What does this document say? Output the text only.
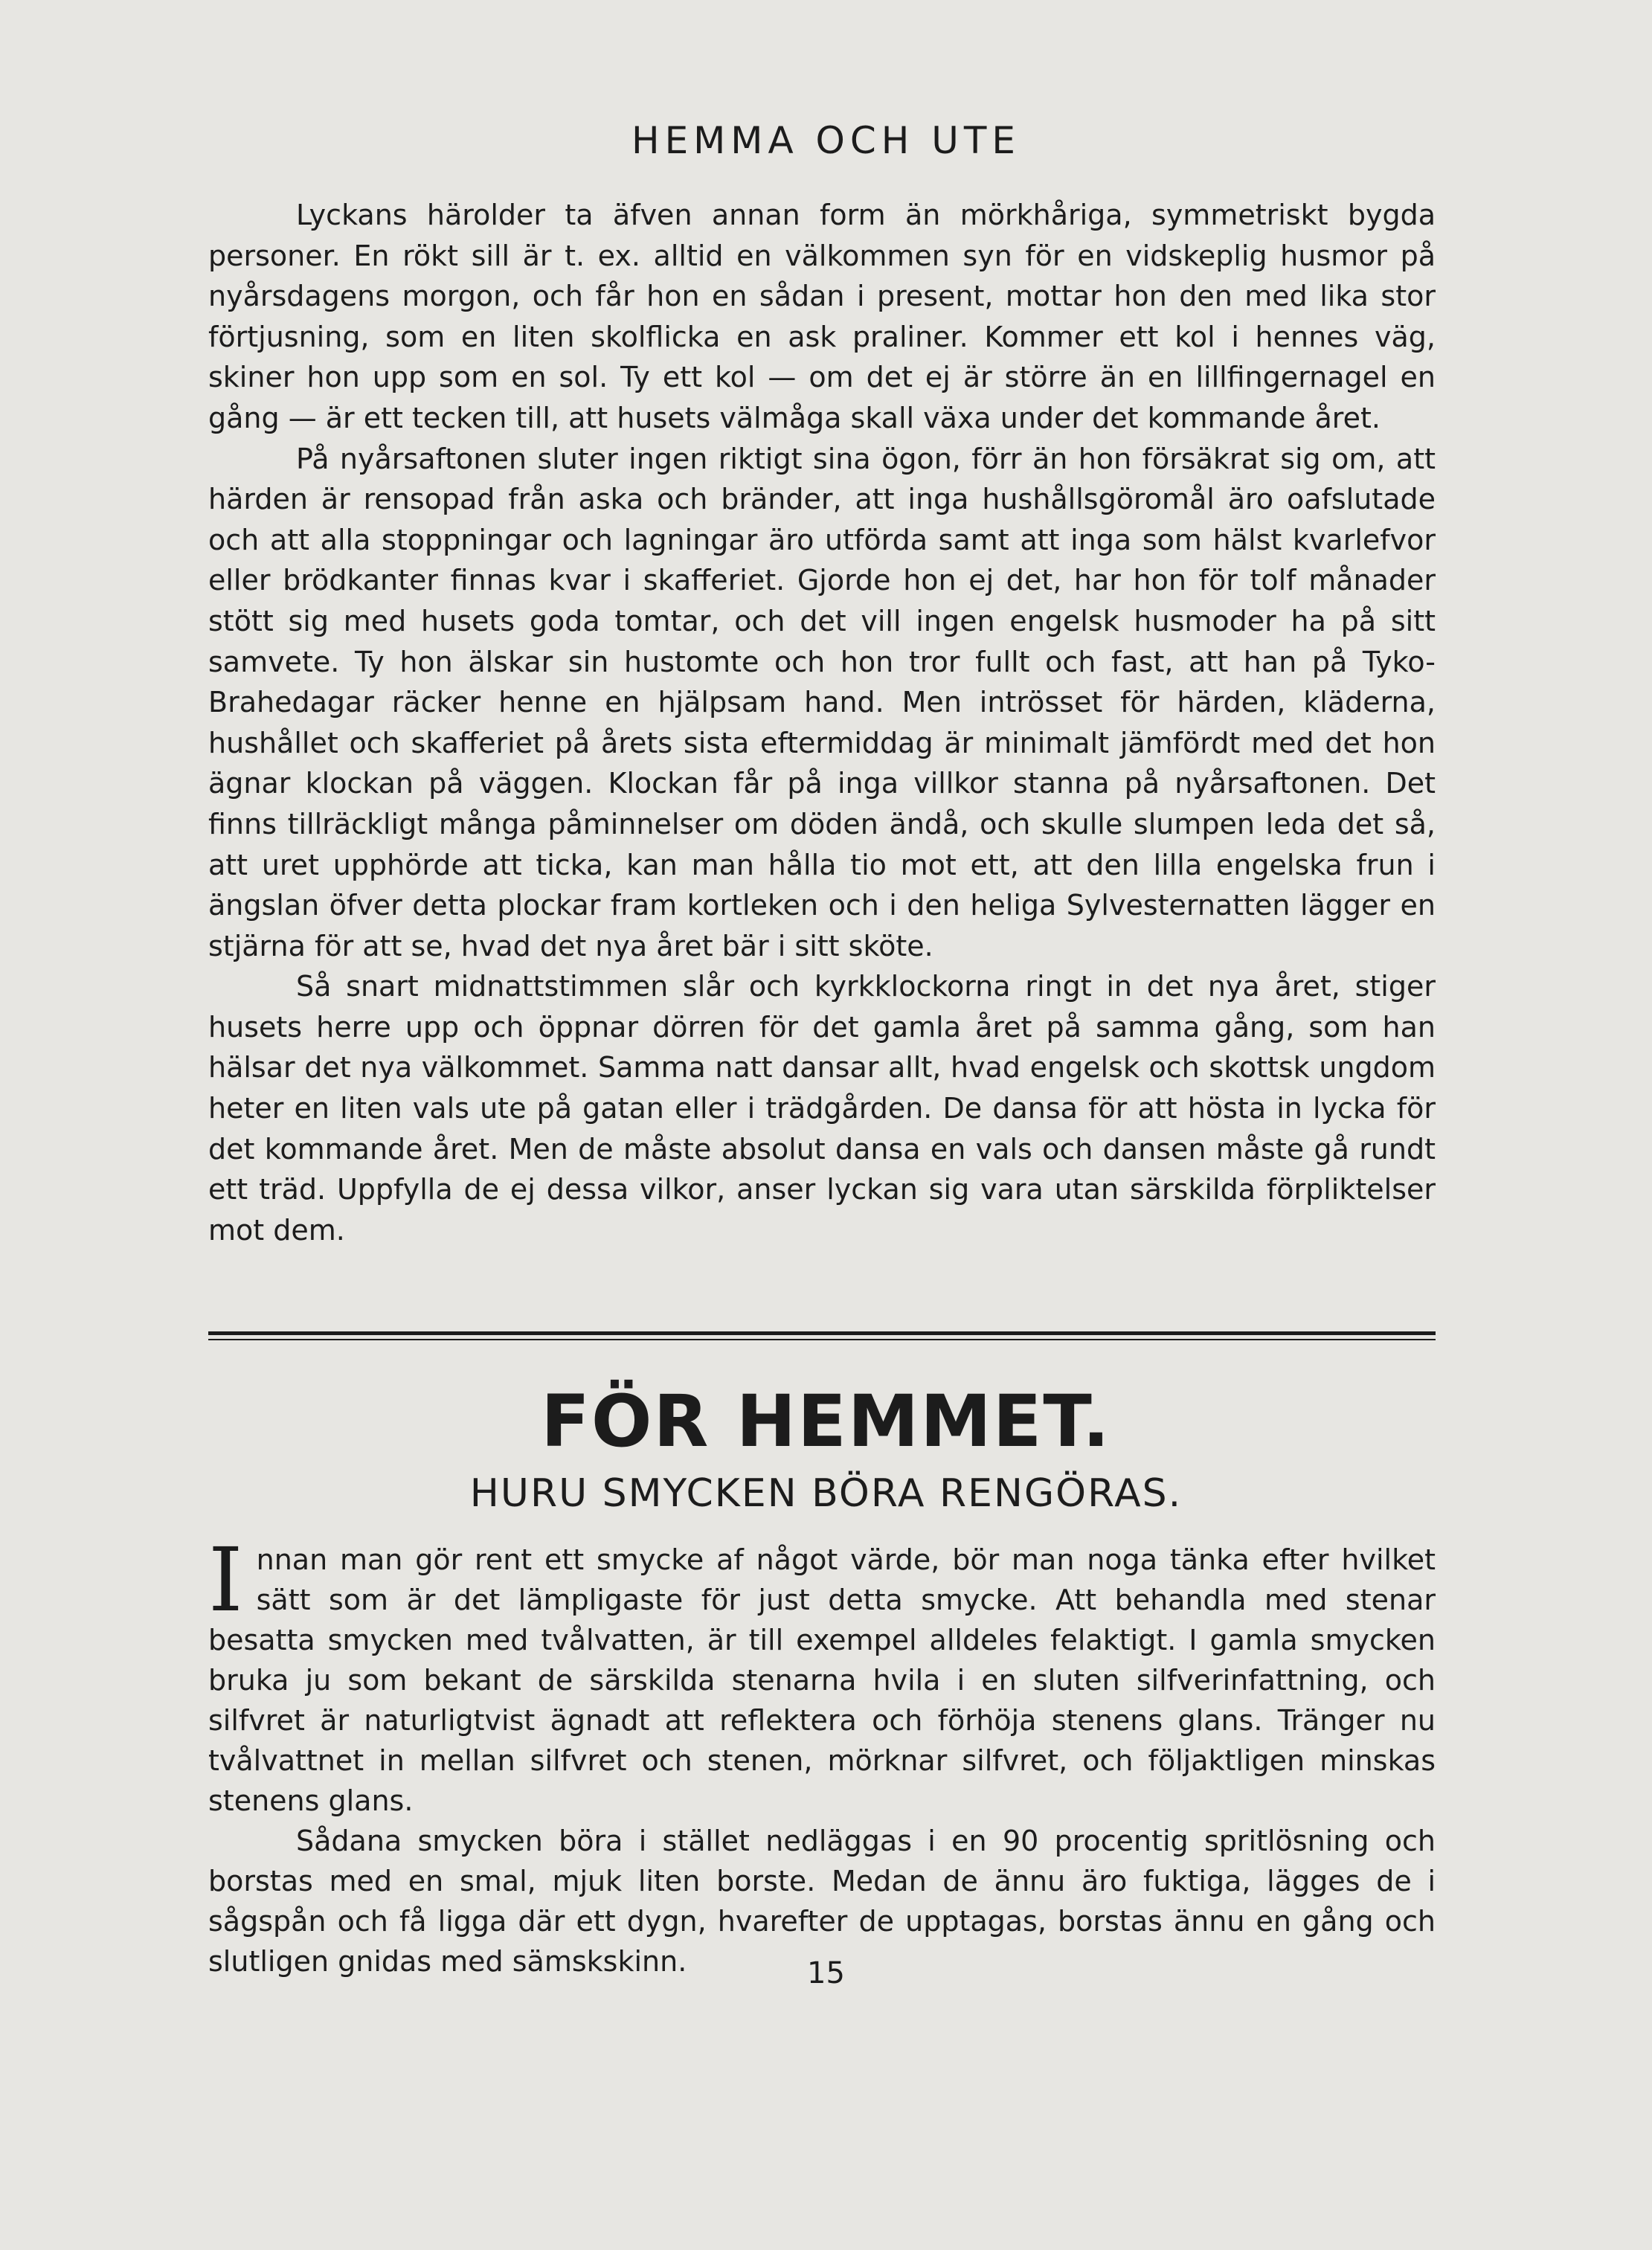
HEMMA OCH UTE

Lyckans härolder ta äfven annan form än mörkhåriga, symmetriskt bygda personer. En rökt sill är t. ex. alltid en välkommen syn för en vidskeplig husmor på nyårsdagens morgon, och får hon en sådan i present, mottar hon den med lika stor förtjusning, som en liten skolflicka en ask praliner. Kommer ett kol i hennes väg, skiner hon upp som en sol. Ty ett kol — om det ej är större än en lillfingernagel en gång — är ett tecken till, att husets välmåga skall växa under det kommande året.

På nyårsaftonen sluter ingen riktigt sina ögon, förr än hon försäkrat sig om, att härden är rensopad från aska och bränder, att inga hushållsgöromål äro oafslutade och att alla stoppningar och lagningar äro utförda samt att inga som hälst kvarlefvor eller brödkanter finnas kvar i skafferiet. Gjorde hon ej det, har hon för tolf månader stött sig med husets goda tomtar, och det vill ingen engelsk husmoder ha på sitt samvete. Ty hon älskar sin hustomte och hon tror fullt och fast, att han på Tyko-Brahedagar räcker henne en hjälpsam hand. Men intrösset för härden, kläderna, hushållet och skafferiet på årets sista eftermiddag är minimalt jämfördt med det hon ägnar klockan på väggen. Klockan får på inga villkor stanna på nyårsaftonen. Det finns tillräckligt många påminnelser om döden ändå, och skulle slumpen leda det så, att uret upphörde att ticka, kan man hålla tio mot ett, att den lilla engelska frun i ängslan öfver detta plockar fram kortleken och i den heliga Sylvesternatten lägger en stjärna för att se, hvad det nya året bär i sitt sköte.

Så snart midnattstimmen slår och kyrkklockorna ringt in det nya året, stiger husets herre upp och öppnar dörren för det gamla året på samma gång, som han hälsar det nya välkommet. Samma natt dansar allt, hvad engelsk och skottsk ungdom heter en liten vals ute på gatan eller i trädgården. De dansa för att hösta in lycka för det kommande året. Men de måste absolut dansa en vals och dansen måste gå rundt ett träd. Uppfylla de ej dessa vilkor, anser lyckan sig vara utan särskilda förpliktelser mot dem.

FÖR HEMMET.
HURU SMYCKEN BÖRA RENGÖRAS.

Innan man gör rent ett smycke af något värde, bör man noga tänka efter hvilket sätt som är det lämpligaste för just detta smycke. Att behandla med stenar besatta smycken med tvålvatten, är till exempel alldeles felaktigt. I gamla smycken bruka ju som bekant de särskilda stenarna hvila i en sluten silfverinfattning, och silfvret är naturligtvist ägnadt att reflektera och förhöja stenens glans. Tränger nu tvålvattnet in mellan silfvret och stenen, mörknar silfvret, och följaktligen minskas stenens glans.

Sådana smycken böra i stället nedläggas i en 90 procentig spritlösning och borstas med en smal, mjuk liten borste. Medan de ännu äro fuktiga, lägges de i sågspån och få ligga där ett dygn, hvarefter de upptagas, borstas ännu en gång och slutligen gnidas med sämskskinn.	15
